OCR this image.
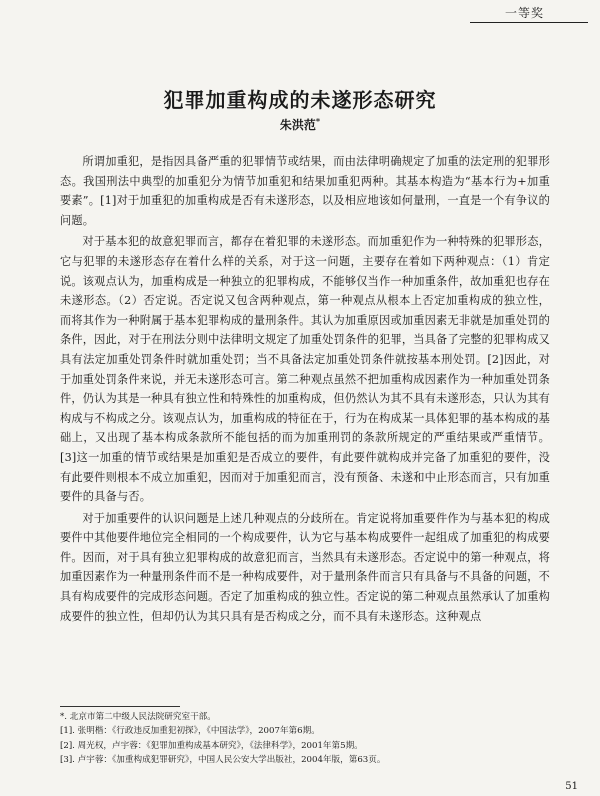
一等奖
犯罪加重构成的未遂形态研究
朱洪范*

所谓加重犯，是指因具备严重的犯罪情节或结果，而由法律明确规定了加重的法定刑的犯罪形态。我国刑法中典型的加重犯分为情节加重犯和结果加重犯两种。其基本构造为“基本行为+加重要素”。[1]对于加重犯的加重构成是否有未遂形态，以及相应地该如何量刑，一直是一个有争议的问题。

对于基本犯的故意犯罪而言，都存在着犯罪的未遂形态。而加重犯作为一种特殊的犯罪形态，它与犯罪的未遂形态存在着什么样的关系，对于这一问题，主要存在着如下两种观点：（1）肯定说。该观点认为，加重构成是一种独立的犯罪构成，不能够仅当作一种加重条件，故加重犯也存在未遂形态。（2）否定说。否定说又包含两种观点，第一种观点从根本上否定加重构成的独立性，而将其作为一种附属于基本犯罪构成的量刑条件。其认为加重原因或加重因素无非就是加重处罚的条件，因此，对于在刑法分则中法律明文规定了加重处罚条件的犯罪，当具备了完整的犯罪构成又具有法定加重处罚条件时就加重处罚；当不具备法定加重处罚条件就按基本刑处罚。[2]因此，对于加重处罚条件来说，并无未遂形态可言。第二种观点虽然不把加重构成因素作为一种加重处罚条件，仍认为其是一种具有独立性和特殊性的加重构成，但仍然认为其不具有未遂形态，只认为其有构成与不构成之分。该观点认为，加重构成的特征在于，行为在构成某一具体犯罪的基本构成的基础上，又出现了基本构成条款所不能包括的而为加重刑罚的条款所规定的严重结果或严重情节。[3]这一加重的情节或结果是加重犯是否成立的要件，有此要件就构成并完备了加重犯的要件，没有此要件则根本不成立加重犯，因而对于加重犯而言，没有预备、未遂和中止形态而言，只有加重要件的具备与否。

对于加重要件的认识问题是上述几种观点的分歧所在。肯定说将加重要件作为与基本犯的构成要件中其他要件地位完全相同的一个构成要件，认为它与基本构成要件一起组成了加重犯的构成要件。因而，对于具有独立犯罪构成的故意犯而言，当然具有未遂形态。否定说中的第一种观点，将加重因素作为一种量刑条件而不是一种构成要件，对于量刑条件而言只有具备与不具备的问题，不具有构成要件的完成形态问题。否定了加重构成的独立性。否定说的第二种观点虽然承认了加重构成要件的独立性，但却仍认为其只具有是否构成之分，而不具有未遂形态。这种观点

*. 北京市第二中级人民法院研究室干部。
[1]. 张明楷：《行政违反加重犯初探》，《中国法学》，2007年第6期。
[2]. 周光权，卢宇蓉：《犯罪加重构成基本研究》，《法律科学》，2001年第5期。
[3]. 卢宇蓉：《加重构成犯罪研究》，中国人民公安大学出版社，2004年版，第63页。
51
